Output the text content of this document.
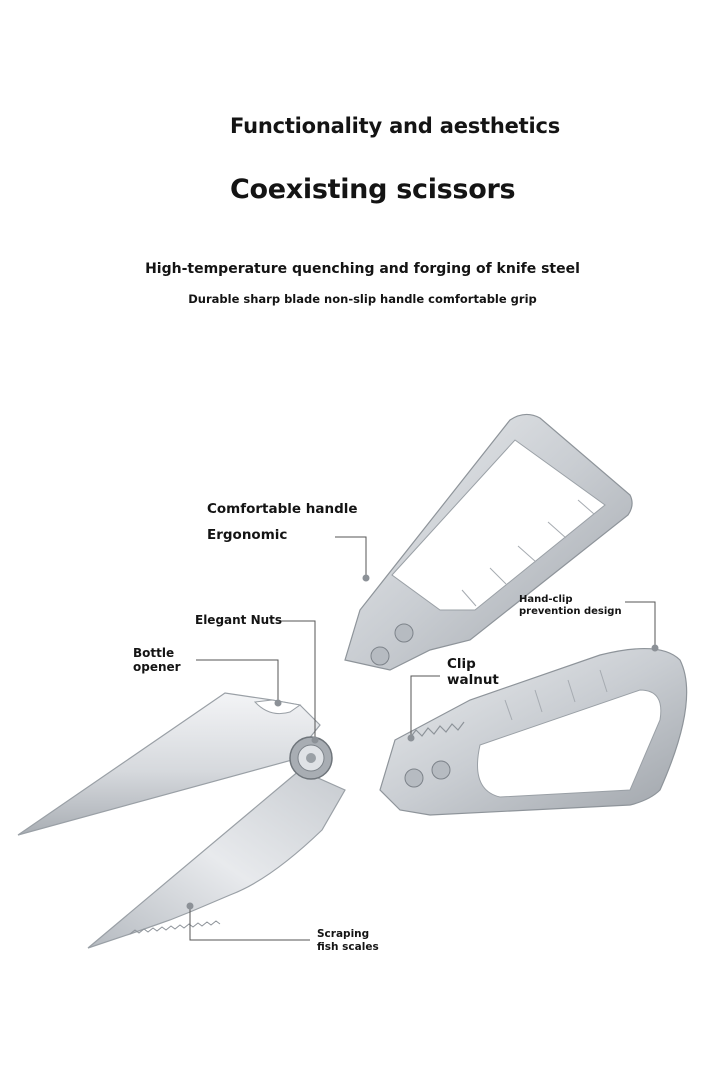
Functionality and aesthetics
Coexisting scissors
High-temperature quenching and forging of knife steel
Durable sharp blade non-slip handle comfortable grip
Comfortable handle
Ergonomic
Elegant Nuts
Bottle
opener	Clip
walnut
Hand-clip
prevention design
Scraping
fish scales
